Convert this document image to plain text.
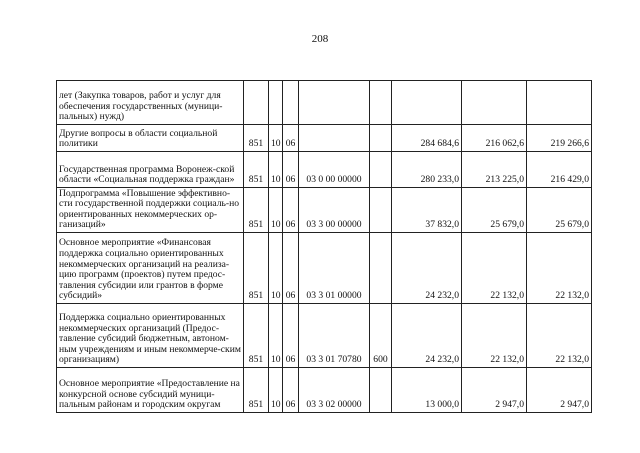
208
лет (Закупка товаров, работ и услуг для обеспечения государственных (муници-пальных) нужд)								
Другие вопросы в области социальной политики	851	10	06			284 684,6	216 062,6	219 266,6
Государственная программа Воронеж-ской области «Социальная поддержка граждан»	851	10	06	03 0 00 00000		280 233,0	213 225,0	216 429,0
Подпрограмма «Повышение эффективно-сти государственной поддержки социаль-но ориентированных некоммерческих ор-ганизаций»	851	10	06	03 3 00 00000		37 832,0	25 679,0	25 679,0
Основное мероприятие «Финансовая поддержка социально ориентированных некоммерческих организаций на реализа-цию программ (проектов) путем предос-тавления субсидии или грантов в форме субсидий»	851	10	06	03 3 01 00000		24 232,0	22 132,0	22 132,0
Поддержка социально ориентированных некоммерческих организаций (Предос-тавление субсидий бюджетным, автоном-ным учреждениям и иным некоммерче-ским организациям)	851	10	06	03 3 01 70780	600	24 232,0	22 132,0	22 132,0
Основное мероприятие «Предоставление на конкурсной основе субсидий муници-пальным районам и городским округам	851	10	06	03 3 02 00000		13 000,0	2 947,0	2 947,0
